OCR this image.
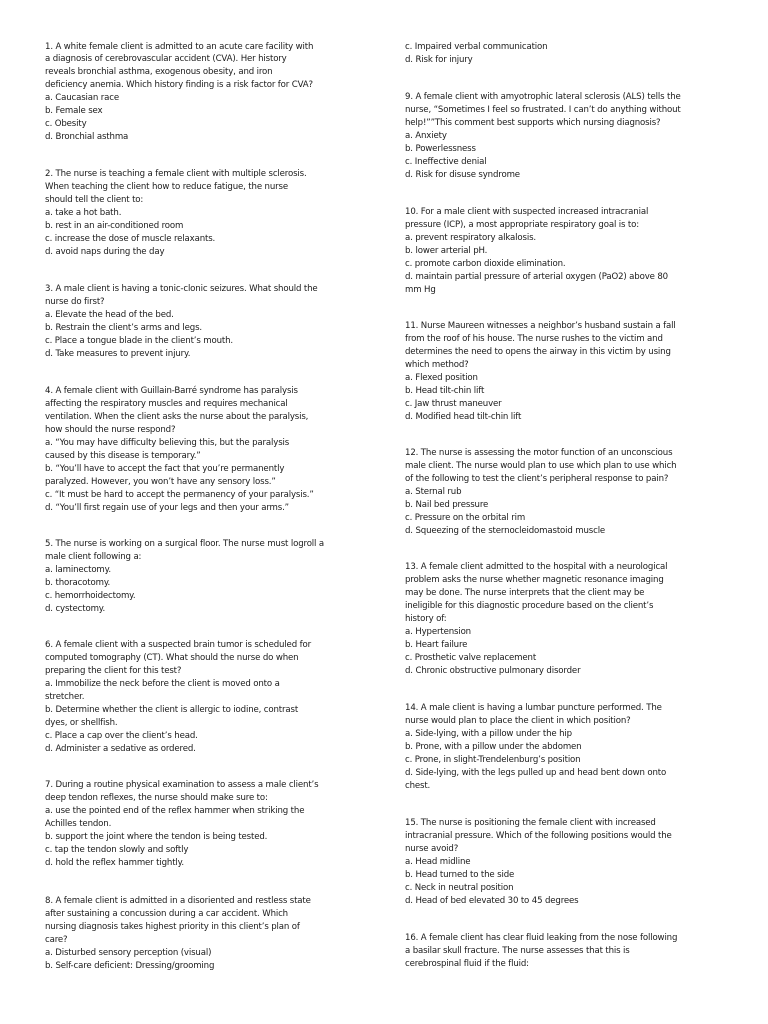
1. A white female client is admitted to an acute care facility with
a diagnosis of cerebrovascular accident (CVA). Her history
reveals bronchial asthma, exogenous obesity, and iron
deficiency anemia. Which history finding is a risk factor for CVA?
a. Caucasian race
b. Female sex
c. Obesity
d. Bronchial asthma
2. The nurse is teaching a female client with multiple sclerosis.
When teaching the client how to reduce fatigue, the nurse
should tell the client to:
a. take a hot bath.
b. rest in an air-conditioned room
c. increase the dose of muscle relaxants.
d. avoid naps during the day
3. A male client is having a tonic-clonic seizures. What should the
nurse do first?
a. Elevate the head of the bed.
b. Restrain the client’s arms and legs.
c. Place a tongue blade in the client’s mouth.
d. Take measures to prevent injury.
4. A female client with Guillain-Barré syndrome has paralysis
affecting the respiratory muscles and requires mechanical
ventilation. When the client asks the nurse about the paralysis,
how should the nurse respond?
a. “You may have difficulty believing this, but the paralysis
caused by this disease is temporary.”
b. “You’ll have to accept the fact that you’re permanently
paralyzed. However, you won’t have any sensory loss.”
c. “It must be hard to accept the permanency of your paralysis.”
d. “You’ll first regain use of your legs and then your arms.”
5. The nurse is working on a surgical floor. The nurse must logroll a
male client following a:
a. laminectomy.
b. thoracotomy.
c. hemorrhoidectomy.
d. cystectomy.
6. A female client with a suspected brain tumor is scheduled for
computed tomography (CT). What should the nurse do when
preparing the client for this test?
a. Immobilize the neck before the client is moved onto a
stretcher.
b. Determine whether the client is allergic to iodine, contrast
dyes, or shellfish.
c. Place a cap over the client’s head.
d. Administer a sedative as ordered.
7. During a routine physical examination to assess a male client’s
deep tendon reflexes, the nurse should make sure to:
a. use the pointed end of the reflex hammer when striking the
Achilles tendon.
b. support the joint where the tendon is being tested.
c. tap the tendon slowly and softly
d. hold the reflex hammer tightly.
8. A female client is admitted in a disoriented and restless state
after sustaining a concussion during a car accident. Which
nursing diagnosis takes highest priority in this client’s plan of
care?
a. Disturbed sensory perception (visual)
b. Self-care deficient: Dressing/grooming
c. Impaired verbal communication
d. Risk for injury
9. A female client with amyotrophic lateral sclerosis (ALS) tells the
nurse, “Sometimes I feel so frustrated. I can’t do anything without
help!””This comment best supports which nursing diagnosis?
a. Anxiety
b. Powerlessness
c. Ineffective denial
d. Risk for disuse syndrome
10. For a male client with suspected increased intracranial
pressure (ICP), a most appropriate respiratory goal is to:
a. prevent respiratory alkalosis.
b. lower arterial pH.
c. promote carbon dioxide elimination.
d. maintain partial pressure of arterial oxygen (PaO2) above 80
mm Hg
11. Nurse Maureen witnesses a neighbor’s husband sustain a fall
from the roof of his house. The nurse rushes to the victim and
determines the need to opens the airway in this victim by using
which method?
a. Flexed position
b. Head tilt-chin lift
c. Jaw thrust maneuver
d. Modified head tilt-chin lift
12. The nurse is assessing the motor function of an unconscious
male client. The nurse would plan to use which plan to use which
of the following to test the client’s peripheral response to pain?
a. Sternal rub
b. Nail bed pressure
c. Pressure on the orbital rim
d. Squeezing of the sternocleidomastoid muscle
13. A female client admitted to the hospital with a neurological
problem asks the nurse whether magnetic resonance imaging
may be done. The nurse interprets that the client may be
ineligible for this diagnostic procedure based on the client’s
history of:
a. Hypertension
b. Heart failure
c. Prosthetic valve replacement
d. Chronic obstructive pulmonary disorder
14. A male client is having a lumbar puncture performed. The
nurse would plan to place the client in which position?
a. Side-lying, with a pillow under the hip
b. Prone, with a pillow under the abdomen
c. Prone, in slight-Trendelenburg’s position
d. Side-lying, with the legs pulled up and head bent down onto
chest.
15. The nurse is positioning the female client with increased
intracranial pressure. Which of the following positions would the
nurse avoid?
a. Head midline
b. Head turned to the side
c. Neck in neutral position
d. Head of bed elevated 30 to 45 degrees
16. A female client has clear fluid leaking from the nose following
a basilar skull fracture. The nurse assesses that this is
cerebrospinal fluid if the fluid:
